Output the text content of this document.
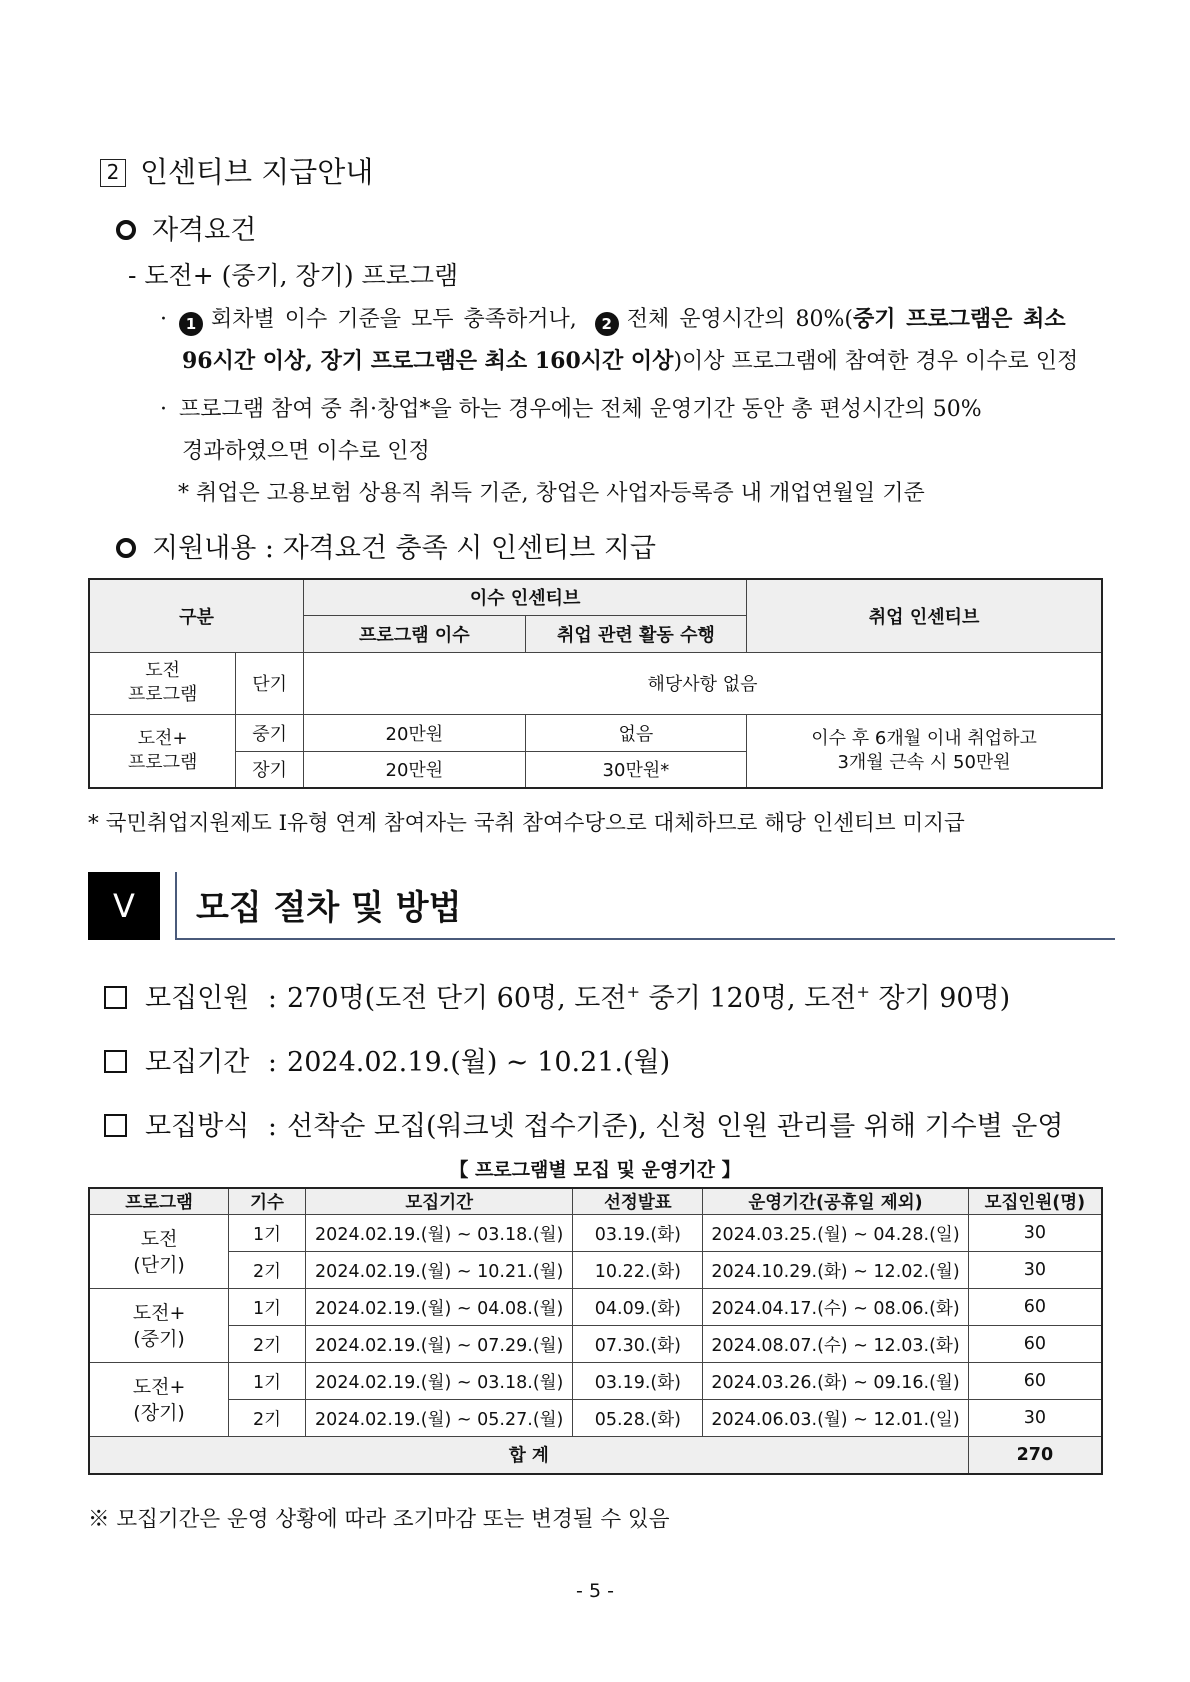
2 인센티브 지급안내
자격요건
- 도전+ (중기, 장기) 프로그램
· 1 회차별 이수 기준을 모두 충족하거나, 2 전체 운영시간의 80%(중기 프로그램은 최소
96시간 이상, 장기 프로그램은 최소 160시간 이상)이상 프로그램에 참여한 경우 이수로 인정
· 프로그램 참여 중 취·창업*을 하는 경우에는 전체 운영기간 동안 총 편성시간의 50%
경과하였으면 이수로 인정
* 취업은 고용보험 상용직 취득 기준, 창업은 사업자등록증 내 개업연월일 기준
지원내용 : 자격요건 충족 시 인센티브 지급
구분		이수 인센티브		취업 인센티브
		프로그램 이수	취업 관련 활동 수행	
도전
프로그램	단기	해당사항 없음		
도전+
프로그램	중기	20만원	없음	이수 후 6개월 이내 취업하고
3개월 근속 시 50만원
	장기	20만원	30만원*	
* 국민취업지원제도 I유형 연계 참여자는 국취 참여수당으로 대체하므로 해당 인센티브 미지급
V	모집 절차 및 방법
모집인원 : 270명(도전 단기 60명, 도전+ 중기 120명, 도전+ 장기 90명)
모집기간 : 2024.02.19.(월) ~ 10.21.(월)
모집방식 : 선착순 모집(워크넷 접수기준), 신청 인원 관리를 위해 기수별 운영
【 프로그램별 모집 및 운영기간 】
프로그램	기수	모집기간	선정발표	운영기간(공휴일 제외)	모집인원(명)
도전
(단기)	1기	2024.02.19.(월) ~ 03.18.(월)	03.19.(화)	2024.03.25.(월) ~ 04.28.(일)	30
	2기	2024.02.19.(월) ~ 10.21.(월)	10.22.(화)	2024.10.29.(화) ~ 12.02.(월)	30
도전+
(중기)	1기	2024.02.19.(월) ~ 04.08.(월)	04.09.(화)	2024.04.17.(수) ~ 08.06.(화)	60
	2기	2024.02.19.(월) ~ 07.29.(월)	07.30.(화)	2024.08.07.(수) ~ 12.03.(화)	60
도전+
(장기)	1기	2024.02.19.(월) ~ 03.18.(월)	03.19.(화)	2024.03.26.(화) ~ 09.16.(월)	60
	2기	2024.02.19.(월) ~ 05.27.(월)	05.28.(화)	2024.06.03.(월) ~ 12.01.(일)	30
합 계					270
※ 모집기간은 운영 상황에 따라 조기마감 또는 변경될 수 있음
- 5 -
